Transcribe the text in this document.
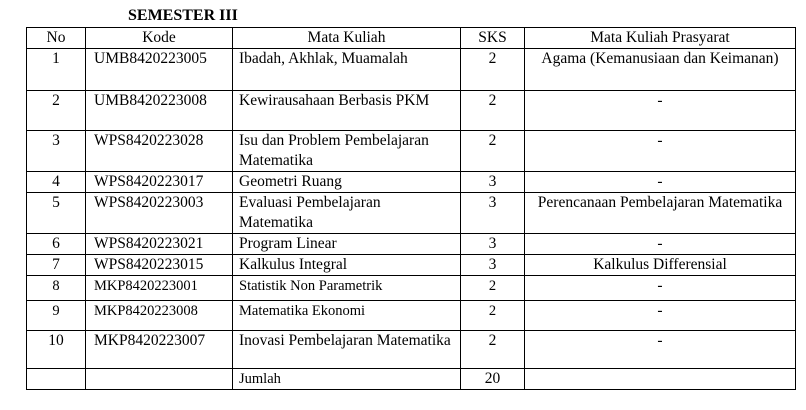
SEMESTER III
No	Kode	Mata Kuliah	SKS	Mata Kuliah Prasyarat
1	UMB8420223005	Ibadah, Akhlak, Muamalah	2	Agama (Kemanusiaan dan Keimanan)
2	UMB8420223008	Kewirausahaan Berbasis PKM	2	-
3	WPS8420223028	Isu dan Problem Pembelajaran Matematika	2	-
4	WPS8420223017	Geometri Ruang	3	-
5	WPS8420223003	Evaluasi Pembelajaran Matematika	3	Perencanaan Pembelajaran Matematika
6	WPS8420223021	Program Linear	3	-
7	WPS8420223015	Kalkulus Integral	3	Kalkulus Differensial
8	MKP8420223001	Statistik Non Parametrik	2	-
9	MKP8420223008	Matematika Ekonomi	2	-
10	MKP8420223007	Inovasi Pembelajaran Matematika	2	-
		Jumlah	20	
